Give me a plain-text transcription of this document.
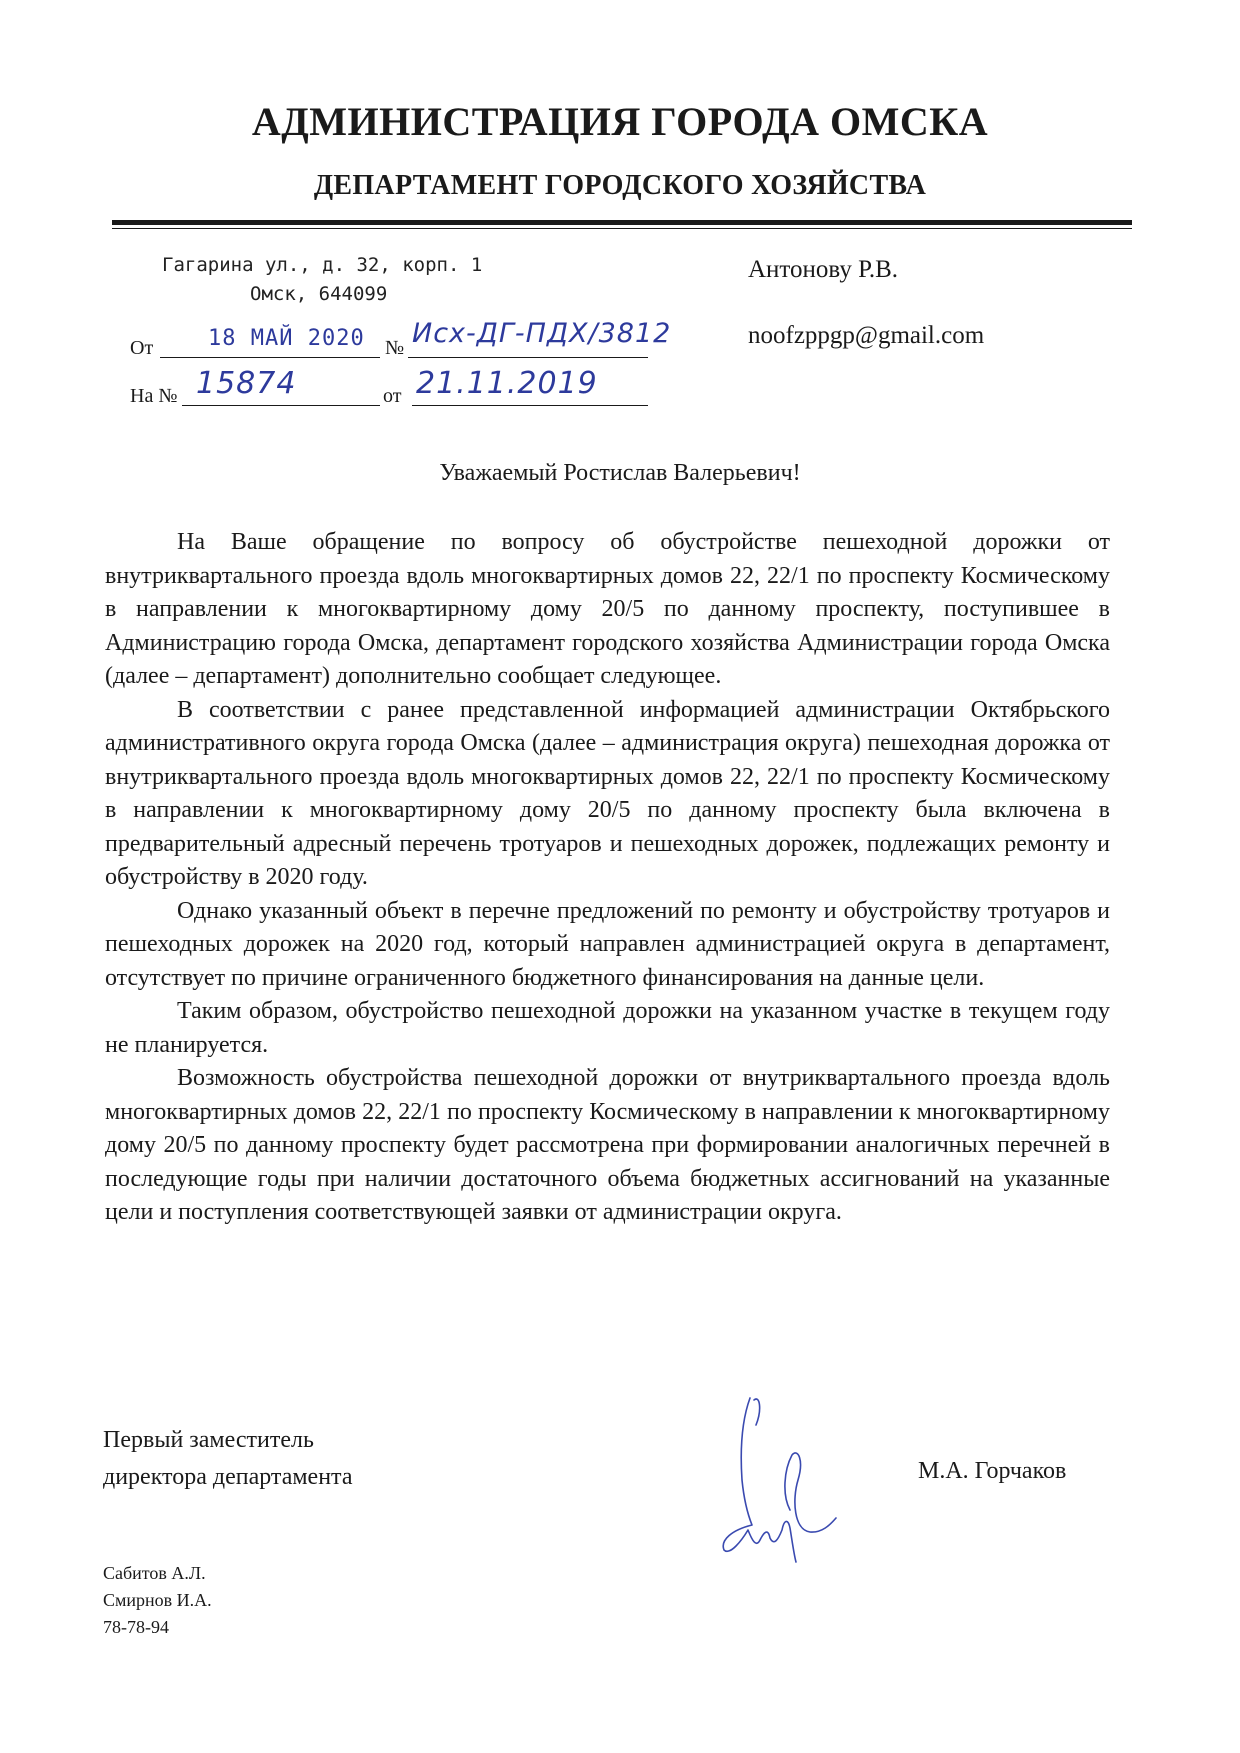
АДМИНИСТРАЦИЯ ГОРОДА ОМСКА
ДЕПАРТАМЕНТ ГОРОДСКОГО ХОЗЯЙСТВА
Гагарина ул., д. 32, корп. 1
Омск, 644099
От 18 МАЙ 2020 № Исх-ДГ-ПДХ/3812
На № 15874	от 21.11.2019
Антонову Р.В.
noofzppgp@gmail.com
Уважаемый Ростислав Валерьевич!

На Ваше обращение по вопросу об обустройстве пешеходной дорожки от внутриквартального проезда вдоль многоквартирных домов 22, 22/1 по проспекту Космическому в направлении к многоквартирному дому 20/5 по данному проспекту, поступившее в Администрацию города Омска, департамент городского хозяйства Администрации города Омска (далее – департамент) дополнительно сообщает следующее.

В соответствии с ранее представленной информацией администрации Октябрьского административного округа города Омска (далее – администрация округа) пешеходная дорожка от внутриквартального проезда вдоль многоквартирных домов 22, 22/1 по проспекту Космическому в направлении к многоквартирному дому 20/5 по данному проспекту была включена в предварительный адресный перечень тротуаров и пешеходных дорожек, подлежащих ремонту и обустройству в 2020 году.

Однако указанный объект в перечне предложений по ремонту и обустройству тротуаров и пешеходных дорожек на 2020 год, который направлен администрацией округа в департамент, отсутствует по причине ограниченного бюджетного финансирования на данные цели.

Таким образом, обустройство пешеходной дорожки на указанном участке в текущем году не планируется.

Возможность обустройства пешеходной дорожки от внутриквартального проезда вдоль многоквартирных домов 22, 22/1 по проспекту Космическому в направлении к многоквартирному дому 20/5 по данному проспекту будет рассмотрена при формировании аналогичных перечней в последующие годы при наличии достаточного объема бюджетных ассигнований на указанные цели и поступления соответствующей заявки от администрации округа.

Первый заместитель
директора департамента	М.А. Горчаков
Сабитов А.Л.
Смирнов И.А.
78-78-94
